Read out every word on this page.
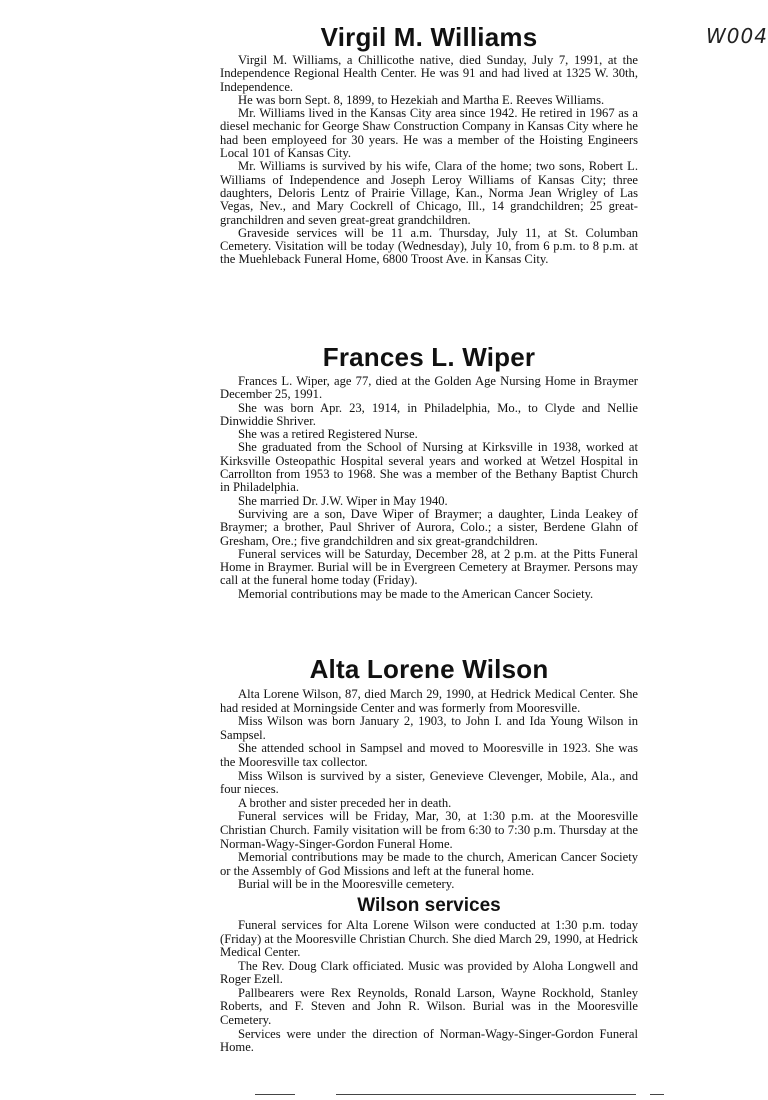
W004
Virgil M. Williams

Virgil M. Williams, a Chillicothe native, died Sunday, July 7, 1991, at the Independence Regional Health Center. He was 91 and had lived at 1325 W. 30th, Independence.

He was born Sept. 8, 1899, to Hezekiah and Martha E. Reeves Williams.

Mr. Williams lived in the Kansas City area since 1942. He retired in 1967 as a diesel mechanic for George Shaw Construction Company in Kansas City where he had been employeed for 30 years. He was a member of the Hoisting Engineers Local 101 of Kansas City.

Mr. Williams is survived by his wife, Clara of the home; two sons, Robert L. Williams of Independence and Joseph Leroy Williams of Kansas City; three daughters, Deloris Lentz of Prairie Village, Kan., Norma Jean Wrigley of Las Vegas, Nev., and Mary Cockrell of Chicago, Ill., 14 grandchildren; 25 great-granchildren and seven great-great grandchildren.

Graveside services will be 11 a.m. Thursday, July 11, at St. Columban Cemetery. Visitation will be today (Wednesday), July 10, from 6 p.m. to 8 p.m. at the Muehleback Funeral Home, 6800 Troost Ave. in Kansas City.

Frances L. Wiper

Frances L. Wiper, age 77, died at the Golden Age Nursing Home in Braymer December 25, 1991.

She was born Apr. 23, 1914, in Philadelphia, Mo., to Clyde and Nellie Dinwiddie Shriver.

She was a retired Registered Nurse.

She graduated from the School of Nursing at Kirksville in 1938, worked at Kirksville Osteopathic Hospital several years and worked at Wetzel Hospital in Carrollton from 1953 to 1968. She was a member of the Bethany Baptist Church in Philadelphia.

She married Dr. J.W. Wiper in May 1940.

Surviving are a son, Dave Wiper of Braymer; a daughter, Linda Leakey of Braymer; a brother, Paul Shriver of Aurora, Colo.; a sister, Berdene Glahn of Gresham, Ore.; five grandchildren and six great-grandchildren.

Funeral services will be Saturday, December 28, at 2 p.m. at the Pitts Funeral Home in Braymer. Burial will be in Evergreen Cemetery at Braymer. Persons may call at the funeral home today (Friday).

Memorial contributions may be made to the American Cancer Society.

Alta Lorene Wilson

Alta Lorene Wilson, 87, died March 29, 1990, at Hedrick Medical Center. She had resided at Morningside Center and was formerly from Mooresville.

Miss Wilson was born January 2, 1903, to John I. and Ida Young Wilson in Sampsel.

She attended school in Sampsel and moved to Mooresville in 1923. She was the Mooresville tax collector.

Miss Wilson is survived by a sister, Genevieve Clevenger, Mobile, Ala., and four nieces.

A brother and sister preceded her in death.

Funeral services will be Friday, Mar, 30, at 1:30 p.m. at the Mooresville Christian Church. Family visitation will be from 6:30 to 7:30 p.m. Thursday at the Norman-Wagy-Singer-Gordon Funeral Home.

Memorial contributions may be made to the church, American Cancer Society or the Assembly of God Missions and left at the funeral home.

Burial will be in the Mooresville cemetery.

Wilson services

Funeral services for Alta Lorene Wilson were conducted at 1:30 p.m. today (Friday) at the Mooresville Christian Church. She died March 29, 1990, at Hedrick Medical Center.

The Rev. Doug Clark officiated. Music was provided by Aloha Longwell and Roger Ezell.

Pallbearers were Rex Reynolds, Ronald Larson, Wayne Rockhold, Stanley Roberts, and F. Steven and John R. Wilson. Burial was in the Mooresville Cemetery.

Services were under the direction of Norman-Wagy-Singer-Gordon Funeral Home.
